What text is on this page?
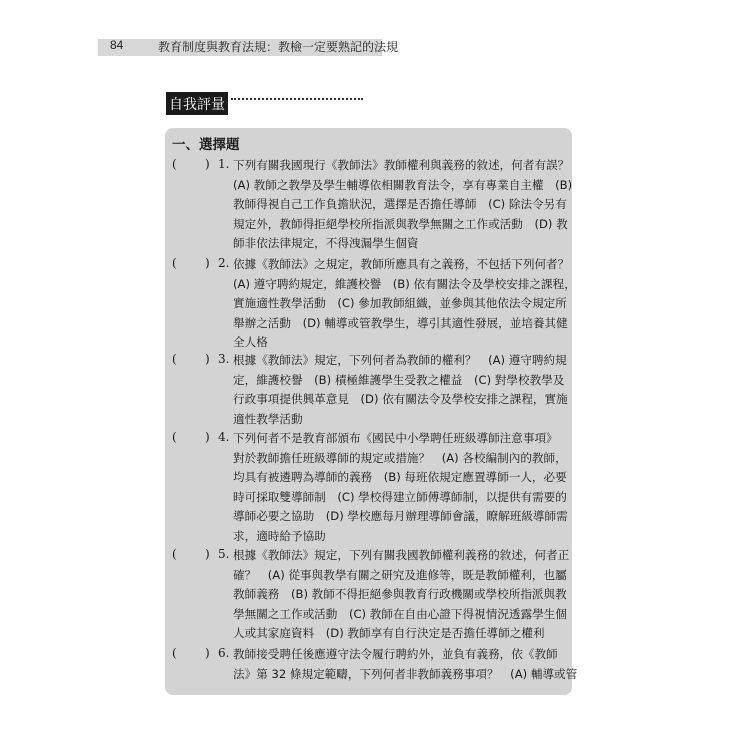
84	教育制度與教育法規：教檢一定要熟記的法規
自我評量
一、選擇題
( ) 1. 下列有關我國現行《教師法》教師權利與義務的敘述，何者有誤？
(A) 教師之教學及學生輔導依相關教育法令，享有專業自主權　(B)
教師得視自己工作負擔狀況，選擇是否擔任導師　(C) 除法令另有
規定外，教師得拒絕學校所指派與教學無關之工作或活動　(D) 教
師非依法律規定，不得洩漏學生個資
( ) 2. 依據《教師法》之規定，教師所應具有之義務，不包括下列何者？
(A) 遵守聘約規定，維護校譽　(B) 依有關法令及學校安排之課程，
實施適性教學活動　(C) 參加教師組織，並參與其他依法令規定所
舉辦之活動　(D) 輔導或管教學生，導引其適性發展，並培養其健
全人格
( ) 3. 根據《教師法》規定，下列何者為教師的權利？　(A) 遵守聘約規
定，維護校譽　(B) 積極維護學生受教之權益　(C) 對學校教學及
行政事項提供興革意見　(D) 依有關法令及學校安排之課程，實施
適性教學活動
( ) 4. 下列何者不是教育部頒布《國民中小學聘任班級導師注意事項》
對於教師擔任班級導師的規定或措施？　(A) 各校編制內的教師，
均具有被遴聘為導師的義務　(B) 每班依規定應置導師一人，必要
時可採取雙導師制　(C) 學校得建立師傅導師制，以提供有需要的
導師必要之協助　(D) 學校應每月辦理導師會議，瞭解班級導師需
求，適時給予協助
( ) 5. 根據《教師法》規定，下列有關我國教師權利義務的敘述，何者正
確？　(A) 從事與教學有關之研究及進修等，既是教師權利，也屬
教師義務　(B) 教師不得拒絕參與教育行政機關或學校所指派與教
學無關之工作或活動　(C) 教師在自由心證下得視情況透露學生個
人或其家庭資料　(D) 教師享有自行決定是否擔任導師之權利
( ) 6. 教師接受聘任後應遵守法令履行聘約外，並負有義務，依《教師
法》第 32 條規定範疇，下列何者非教師義務事項？　(A) 輔導或管
